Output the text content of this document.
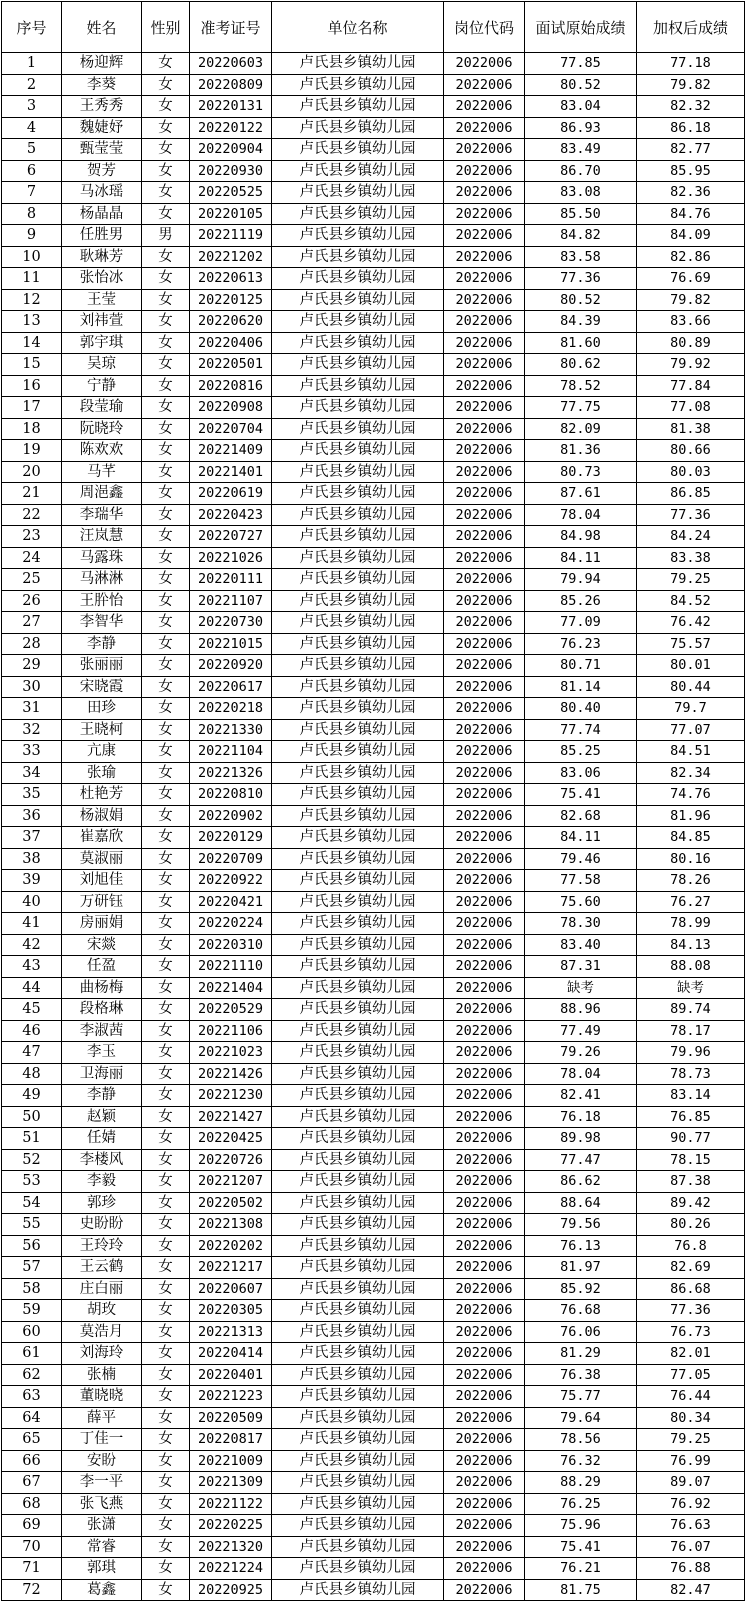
序号	姓名	性别	准考证号	单位名称	岗位代码	面试原始成绩	加权后成绩
1	杨迎辉	女	20220603	卢氏县乡镇幼儿园	2022006	77.85	77.18
2	李葵	女	20220809	卢氏县乡镇幼儿园	2022006	80.52	79.82
3	王秀秀	女	20220131	卢氏县乡镇幼儿园	2022006	83.04	82.32
4	魏婕妤	女	20220122	卢氏县乡镇幼儿园	2022006	86.93	86.18
5	甄莹莹	女	20220904	卢氏县乡镇幼儿园	2022006	83.49	82.77
6	贺芳	女	20220930	卢氏县乡镇幼儿园	2022006	86.70	85.95
7	马冰瑶	女	20220525	卢氏县乡镇幼儿园	2022006	83.08	82.36
8	杨晶晶	女	20220105	卢氏县乡镇幼儿园	2022006	85.50	84.76
9	任胜男	男	20221119	卢氏县乡镇幼儿园	2022006	84.82	84.09
10	耿琳芳	女	20221202	卢氏县乡镇幼儿园	2022006	83.58	82.86
11	张怡冰	女	20220613	卢氏县乡镇幼儿园	2022006	77.36	76.69
12	王莹	女	20220125	卢氏县乡镇幼儿园	2022006	80.52	79.82
13	刘祎萱	女	20220620	卢氏县乡镇幼儿园	2022006	84.39	83.66
14	郭宇琪	女	20220406	卢氏县乡镇幼儿园	2022006	81.60	80.89
15	吴琼	女	20220501	卢氏县乡镇幼儿园	2022006	80.62	79.92
16	宁静	女	20220816	卢氏县乡镇幼儿园	2022006	78.52	77.84
17	段莹瑜	女	20220908	卢氏县乡镇幼儿园	2022006	77.75	77.08
18	阮晓玲	女	20220704	卢氏县乡镇幼儿园	2022006	82.09	81.38
19	陈欢欢	女	20221409	卢氏县乡镇幼儿园	2022006	81.36	80.66
20	马芊	女	20221401	卢氏县乡镇幼儿园	2022006	80.73	80.03
21	周浥鑫	女	20220619	卢氏县乡镇幼儿园	2022006	87.61	86.85
22	李瑞华	女	20220423	卢氏县乡镇幼儿园	2022006	78.04	77.36
23	汪岚慧	女	20220727	卢氏县乡镇幼儿园	2022006	84.98	84.24
24	马露珠	女	20221026	卢氏县乡镇幼儿园	2022006	84.11	83.38
25	马淋淋	女	20220111	卢氏县乡镇幼儿园	2022006	79.94	79.25
26	王肸怡	女	20221107	卢氏县乡镇幼儿园	2022006	85.26	84.52
27	李智华	女	20220730	卢氏县乡镇幼儿园	2022006	77.09	76.42
28	李静	女	20221015	卢氏县乡镇幼儿园	2022006	76.23	75.57
29	张丽丽	女	20220920	卢氏县乡镇幼儿园	2022006	80.71	80.01
30	宋晓霞	女	20220617	卢氏县乡镇幼儿园	2022006	81.14	80.44
31	田珍	女	20220218	卢氏县乡镇幼儿园	2022006	80.40	79.7
32	王晓柯	女	20221330	卢氏县乡镇幼儿园	2022006	77.74	77.07
33	亢康	女	20221104	卢氏县乡镇幼儿园	2022006	85.25	84.51
34	张瑜	女	20221326	卢氏县乡镇幼儿园	2022006	83.06	82.34
35	杜艳芳	女	20220810	卢氏县乡镇幼儿园	2022006	75.41	74.76
36	杨淑娟	女	20220902	卢氏县乡镇幼儿园	2022006	82.68	81.96
37	崔嘉欣	女	20220129	卢氏县乡镇幼儿园	2022006	84.11	84.85
38	莫淑丽	女	20220709	卢氏县乡镇幼儿园	2022006	79.46	80.16
39	刘旭佳	女	20220922	卢氏县乡镇幼儿园	2022006	77.58	78.26
40	万研钰	女	20220421	卢氏县乡镇幼儿园	2022006	75.60	76.27
41	房丽娟	女	20220224	卢氏县乡镇幼儿园	2022006	78.30	78.99
42	宋燚	女	20220310	卢氏县乡镇幼儿园	2022006	83.40	84.13
43	任盈	女	20221110	卢氏县乡镇幼儿园	2022006	87.31	88.08
44	曲杨梅	女	20221404	卢氏县乡镇幼儿园	2022006	缺考	缺考
45	段格琳	女	20220529	卢氏县乡镇幼儿园	2022006	88.96	89.74
46	李淑茜	女	20221106	卢氏县乡镇幼儿园	2022006	77.49	78.17
47	李玉	女	20221023	卢氏县乡镇幼儿园	2022006	79.26	79.96
48	卫海丽	女	20221426	卢氏县乡镇幼儿园	2022006	78.04	78.73
49	李静	女	20221230	卢氏县乡镇幼儿园	2022006	82.41	83.14
50	赵颖	女	20221427	卢氏县乡镇幼儿园	2022006	76.18	76.85
51	任婧	女	20220425	卢氏县乡镇幼儿园	2022006	89.98	90.77
52	李楼风	女	20220726	卢氏县乡镇幼儿园	2022006	77.47	78.15
53	李毅	女	20221207	卢氏县乡镇幼儿园	2022006	86.62	87.38
54	郭珍	女	20220502	卢氏县乡镇幼儿园	2022006	88.64	89.42
55	史盼盼	女	20221308	卢氏县乡镇幼儿园	2022006	79.56	80.26
56	王玲玲	女	20220202	卢氏县乡镇幼儿园	2022006	76.13	76.8
57	王云鹤	女	20221217	卢氏县乡镇幼儿园	2022006	81.97	82.69
58	庄白丽	女	20220607	卢氏县乡镇幼儿园	2022006	85.92	86.68
59	胡玫	女	20220305	卢氏县乡镇幼儿园	2022006	76.68	77.36
60	莫浩月	女	20221313	卢氏县乡镇幼儿园	2022006	76.06	76.73
61	刘海玲	女	20220414	卢氏县乡镇幼儿园	2022006	81.29	82.01
62	张楠	女	20220401	卢氏县乡镇幼儿园	2022006	76.38	77.05
63	董晓晓	女	20221223	卢氏县乡镇幼儿园	2022006	75.77	76.44
64	薛平	女	20220509	卢氏县乡镇幼儿园	2022006	79.64	80.34
65	丁佳一	女	20220817	卢氏县乡镇幼儿园	2022006	78.56	79.25
66	安盼	女	20221009	卢氏县乡镇幼儿园	2022006	76.32	76.99
67	李一平	女	20221309	卢氏县乡镇幼儿园	2022006	88.29	89.07
68	张飞燕	女	20221122	卢氏县乡镇幼儿园	2022006	76.25	76.92
69	张潇	女	20220225	卢氏县乡镇幼儿园	2022006	75.96	76.63
70	常睿	女	20221320	卢氏县乡镇幼儿园	2022006	75.41	76.07
71	郭琪	女	20221224	卢氏县乡镇幼儿园	2022006	76.21	76.88
72	葛鑫	女	20220925	卢氏县乡镇幼儿园	2022006	81.75	82.47
